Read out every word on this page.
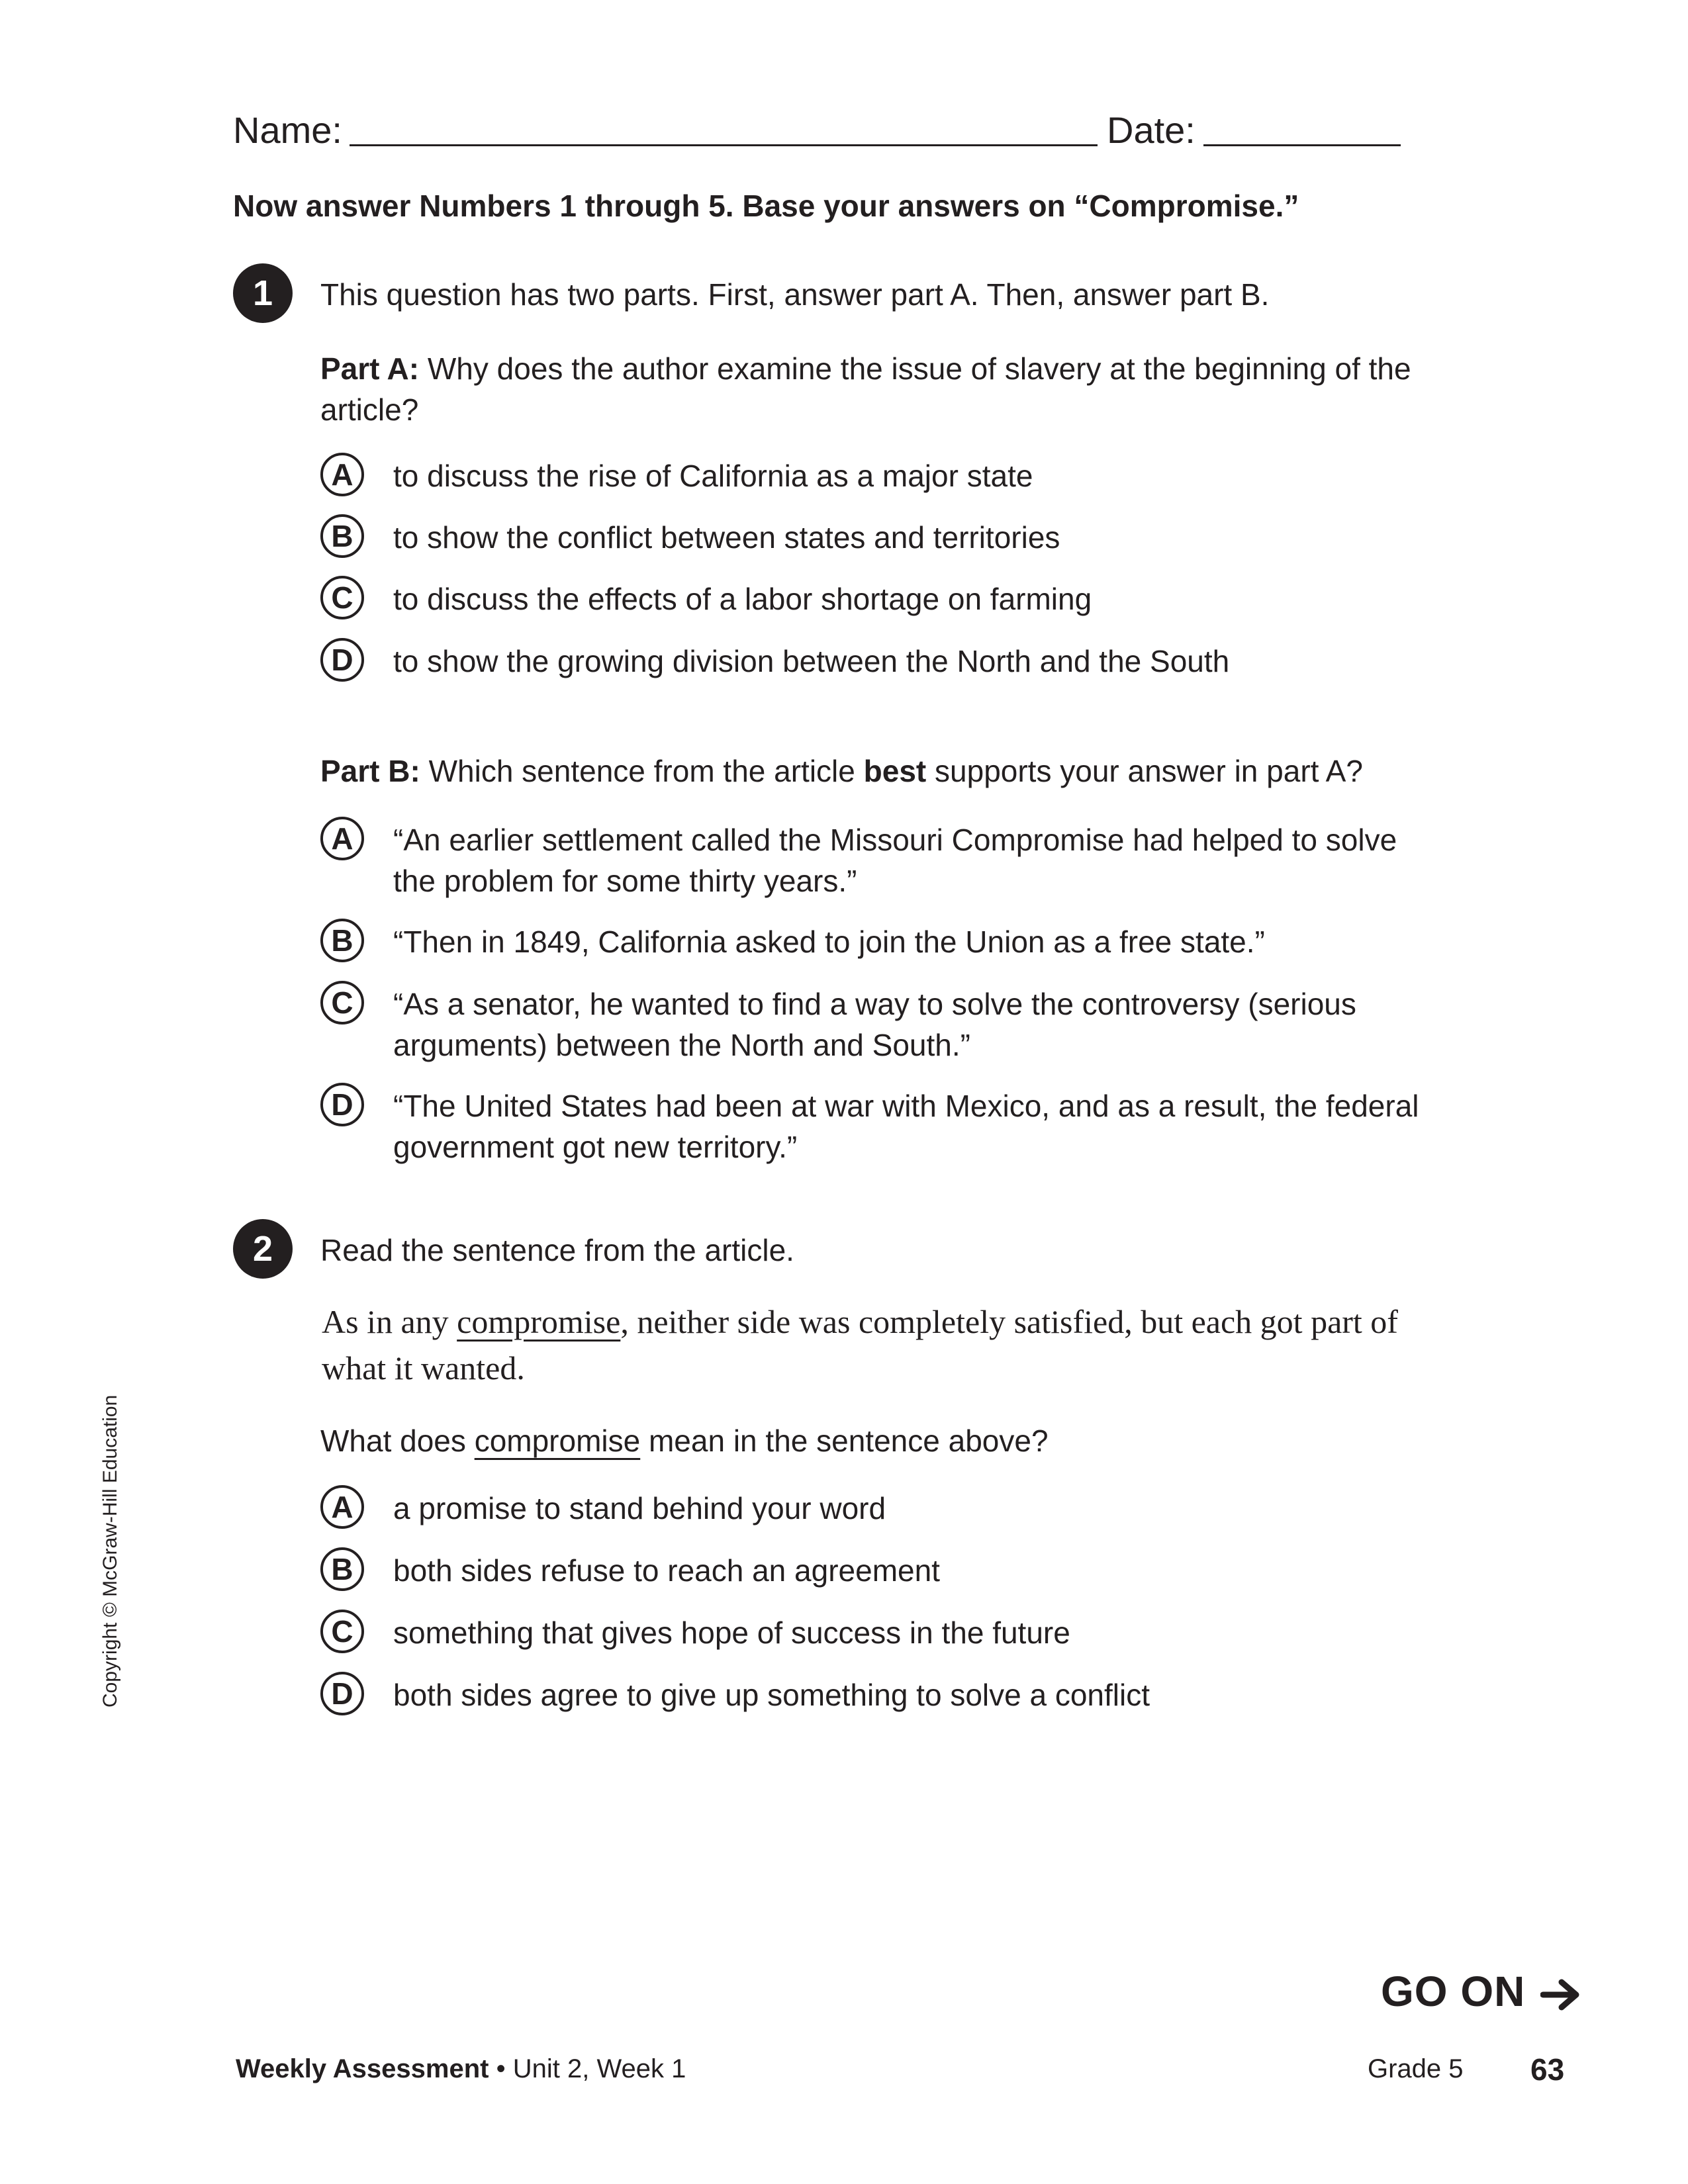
Name:	Date:
Now answer Numbers 1 through 5. Base your answers on “Compromise.”
1	This question has two parts. First, answer part A. Then, answer part B.
Part A: Why does the author examine the issue of slavery at the beginning of the article?
A	to discuss the rise of California as a major state
B	to show the conflict between states and territories
C	to discuss the effects of a labor shortage on farming
D	to show the growing division between the North and the South
Part B: Which sentence from the article best supports your answer in part A?
A	“An earlier settlement called the Missouri Compromise had helped to solve the problem for some thirty years.”
B	“Then in 1849, California asked to join the Union as a free state.”
C	“As a senator, he wanted to find a way to solve the controversy (serious arguments) between the North and South.”
D	“The United States had been at war with Mexico, and as a result, the federal government got new territory.”
2	Read the sentence from the article.
As in any compromise, neither side was completely satisfied, but each got part of what it wanted.
What does compromise mean in the sentence above?
A	a promise to stand behind your word
B	both sides refuse to reach an agreement
C	something that gives hope of success in the future
D	both sides agree to give up something to solve a conflict
Copyright © McGraw-Hill Education
GO ON
Weekly Assessment • Unit 2, Week 1	Grade 5 63
